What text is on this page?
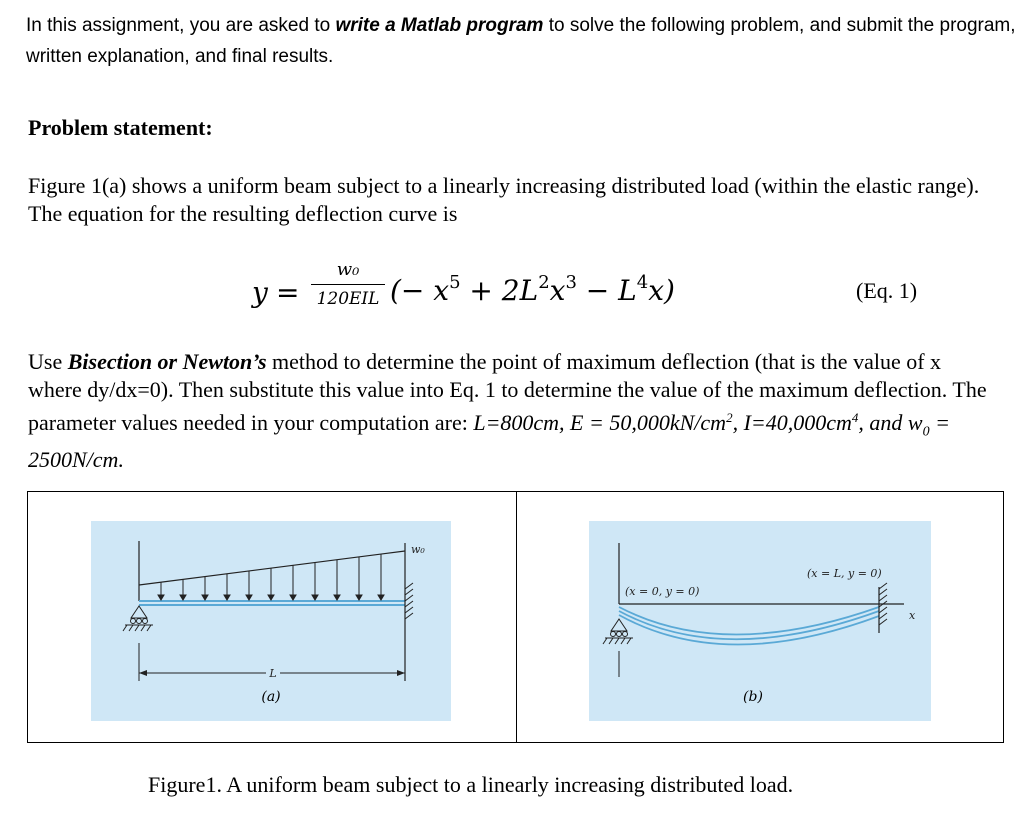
In this assignment, you are asked to write a Matlab program to solve the following problem, and submit the program, written explanation, and final results.
Problem statement:
Figure 1(a) shows a uniform beam subject to a linearly increasing distributed load (within the elastic range). The equation for the resulting deflection curve is
y =
w₀
120EIL (− $x^5 + 2L^2x^3 - L^4x$)	(Eq. 1)
Use Bisection or Newton’s method to determine the point of maximum deflection (that is the value of x where dy/dx=0). Then substitute this value into Eq. 1 to determine the value of the maximum deflection. The parameter values needed in your computation are: L=800cm, $E = 50,000kN/cm^2$, $I=40,000cm^4$, and $w_0 = 2500N/cm$.
L
w₀
(a)
(x = 0, y = 0)
(x = L, y = 0)
x
(b)

Figure1. A uniform beam subject to a linearly increasing distributed load.
